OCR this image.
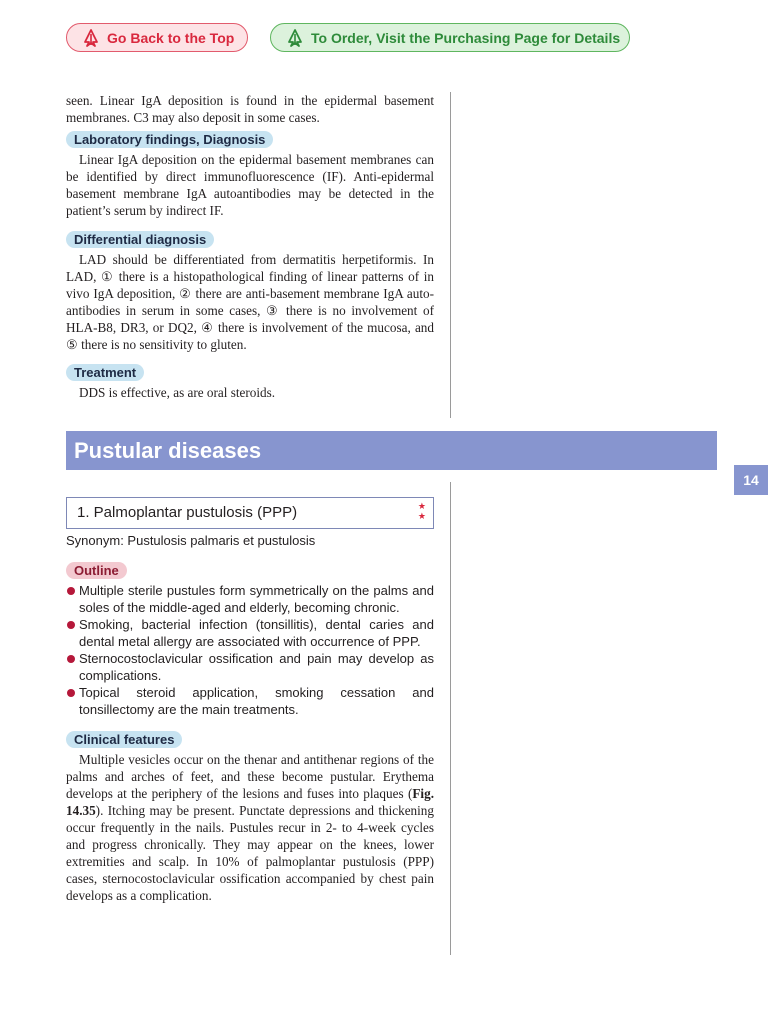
Go Back to the Top	To Order, Visit the Purchasing Page for Details

seen. Linear IgA deposition is found in the epidermal basement membranes. C3 may also deposit in some cases.

Laboratory findings, Diagnosis

Linear IgA deposition on the epidermal basement membranes can be identified by direct immunofluorescence (IF). Anti-epidermal basement membrane IgA autoantibodies may be detected in the patient’s serum by indirect IF.

Differential diagnosis

LAD should be differentiated from dermatitis herpetiformis. In LAD, ① there is a histopathological finding of linear patterns of in vivo IgA deposition, ② there are anti-basement membrane IgA auto-antibodies in serum in some cases, ③ there is no involvement of HLA-B8, DR3, or DQ2, ④ there is involvement of the mucosa, and ⑤ there is no sensitivity to gluten.

Treatment

DDS is effective, as are oral steroids.

Pustular diseases
14
1. Palmoplantar pustulosis (PPP)	★
★
Synonym: Pustulosis palmaris et pustulosis
Outline
Multiple sterile pustules form symmetrically on the palms and soles of the middle-aged and elderly, becoming chronic.
Smoking, bacterial infection (tonsillitis), dental caries and dental metal allergy are associated with occurrence of PPP.
Sternocostoclavicular ossification and pain may develop as complications.
Topical steroid application, smoking cessation and tonsillectomy are the main treatments.
Clinical features

Multiple vesicles occur on the thenar and antithenar regions of the palms and arches of feet, and these become pustular. Erythema develops at the periphery of the lesions and fuses into plaques (Fig. 14.35). Itching may be present. Punctate depressions and thickening occur frequently in the nails. Pustules recur in 2- to 4-week cycles and progress chronically. They may appear on the knees, lower extremities and scalp. In 10% of palmoplantar pustulosis (PPP) cases, sternocostoclavicular ossification accompanied by chest pain develops as a complication.
